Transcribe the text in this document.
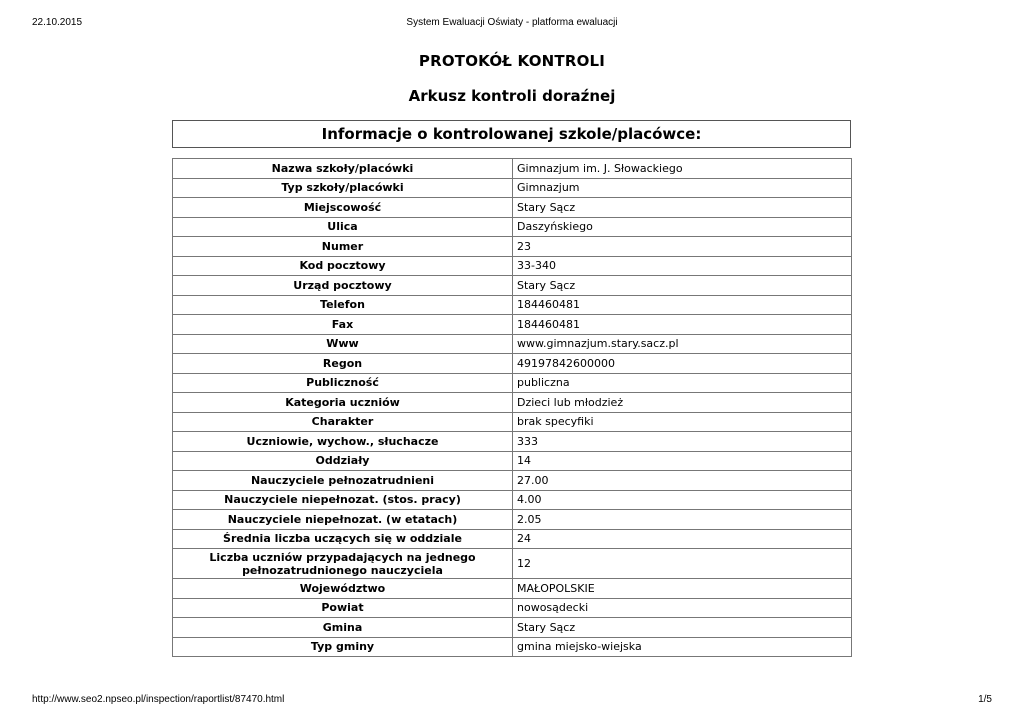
22.10.2015	System Ewaluacji Oświaty - platforma ewaluacji
PROTOKÓŁ KONTROLI
Arkusz kontroli doraźnej
Informacje o kontrolowanej szkole/placówce:
Nazwa szkoły/placówki	Gimnazjum im. J. Słowackiego
Typ szkoły/placówki	Gimnazjum
Miejscowość	Stary Sącz
Ulica	Daszyńskiego
Numer	23
Kod pocztowy	33-340
Urząd pocztowy	Stary Sącz
Telefon	184460481
Fax	184460481
Www	www.gimnazjum.stary.sacz.pl
Regon	49197842600000
Publiczność	publiczna
Kategoria uczniów	Dzieci lub młodzież
Charakter	brak specyfiki
Uczniowie, wychow., słuchacze	333
Oddziały	14
Nauczyciele pełnozatrudnieni	27.00
Nauczyciele niepełnozat. (stos. pracy)	4.00
Nauczyciele niepełnozat. (w etatach)	2.05
Średnia liczba uczących się w oddziale	24
Liczba uczniów przypadających na jednego pełnozatrudnionego nauczyciela	12
Województwo	MAŁOPOLSKIE
Powiat	nowosądecki
Gmina	Stary Sącz
Typ gminy	gmina miejsko-wiejska
http://www.seo2.npseo.pl/inspection/raportlist/87470.html	1/5
